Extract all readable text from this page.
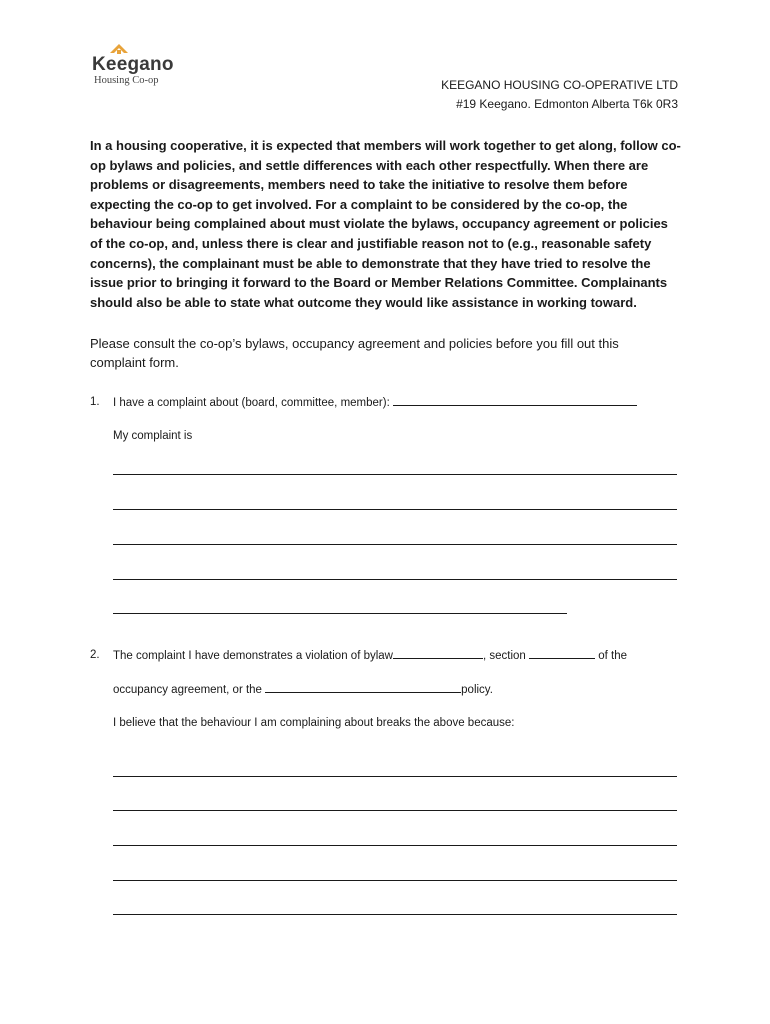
Keegano
Housing Co-op	KEEGANO HOUSING CO-OPERATIVE LTD
#19 Keegano. Edmonton Alberta T6k 0R3

In a housing cooperative, it is expected that members will work together to get along, follow co-op bylaws and policies, and settle differences with each other respectfully. When there are problems or disagreements, members need to take the initiative to resolve them before expecting the co-op to get involved. For a complaint to be considered by the co-op, the behaviour being complained about must violate the bylaws, occupancy agreement or policies of the co-op, and, unless there is clear and justifiable reason not to (e.g., reasonable safety concerns), the complainant must be able to demonstrate that they have tried to resolve the issue prior to bringing it forward to the Board or Member Relations Committee. Complainants should also be able to state what outcome they would like assistance in working toward.

Please consult the co-op’s bylaws, occupancy agreement and policies before you fill out this complaint form.

1. I have a complaint about (board, committee, member):
My complaint is
2. The complaint I have demonstrates a violation of bylaw	, section	of the
occupancy agreement, or the	policy.
I believe that the behaviour I am complaining about breaks the above because:
